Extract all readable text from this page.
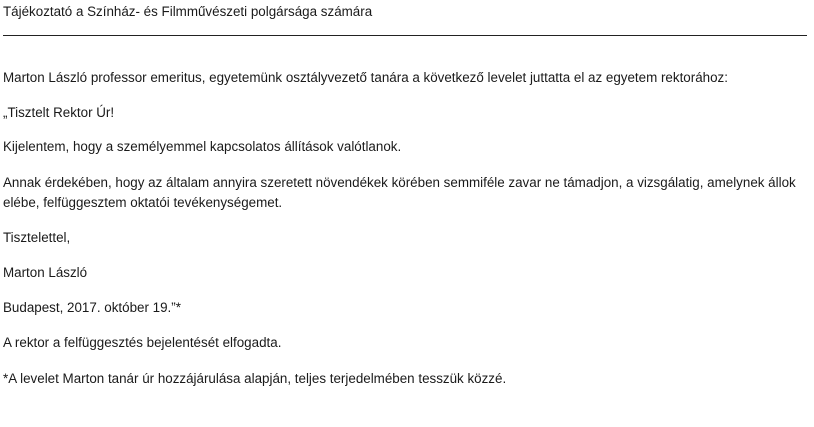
Tájékoztató a Színház- és Filmművészeti polgársága számára

Marton László professor emeritus, egyetemünk osztályvezető tanára a következő levelet juttatta el az egyetem rektorához:

„Tisztelt Rektor Úr!

Kijelentem, hogy a személyemmel kapcsolatos állítások valótlanok.

Annak érdekében, hogy az általam annyira szeretett növendékek körében semmiféle zavar ne támadjon, a vizsgálatig, amelynek állok elébe, felfüggesztem oktatói tevékenységemet.

Tisztelettel,

Marton László

Budapest, 2017. október 19.”*

A rektor a felfüggesztés bejelentését elfogadta.

*A levelet Marton tanár úr hozzájárulása alapján, teljes terjedelmében tesszük közzé.
